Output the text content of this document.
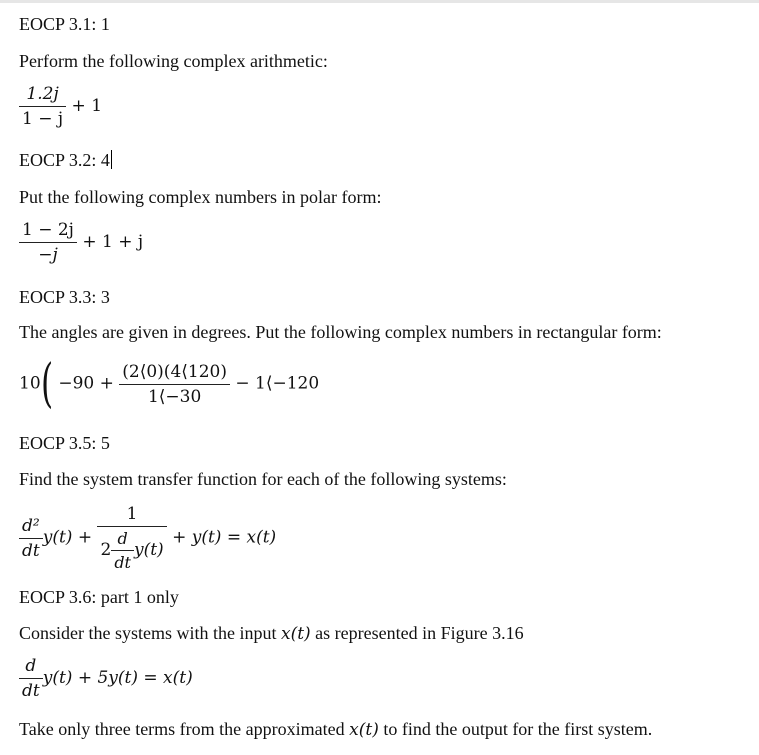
EOCP 3.1: 1
Perform the following complex arithmetic:
$\frac{1.2j}{1 - j} + 1$
EOCP 3.2: 4
Put the following complex numbers in polar form:
$\frac{1 - 2j}{-j} + 1 + j$
EOCP 3.3: 3
The angles are given in degrees. Put the following complex numbers in rectangular form:
$10( -90 + \frac{(2⟨0)(4⟨120)}{1⟨-30}$ − 1⟨−120
EOCP 3.5: 5
Find the system transfer function for each of the following systems:
$\frac{\text{d²}}{dt} y(t) + \frac{1}{2 \frac{d}{dt} y(t)} + y(t) = x(t)$
EOCP 3.6: part 1 only
Consider the systems with the input x(t) as represented in Figure 3.16
$\frac{d}{dt} y(t) + 5y(t) = x(t)$
Take only three terms from the approximated x(t) to find the output for the first system.
